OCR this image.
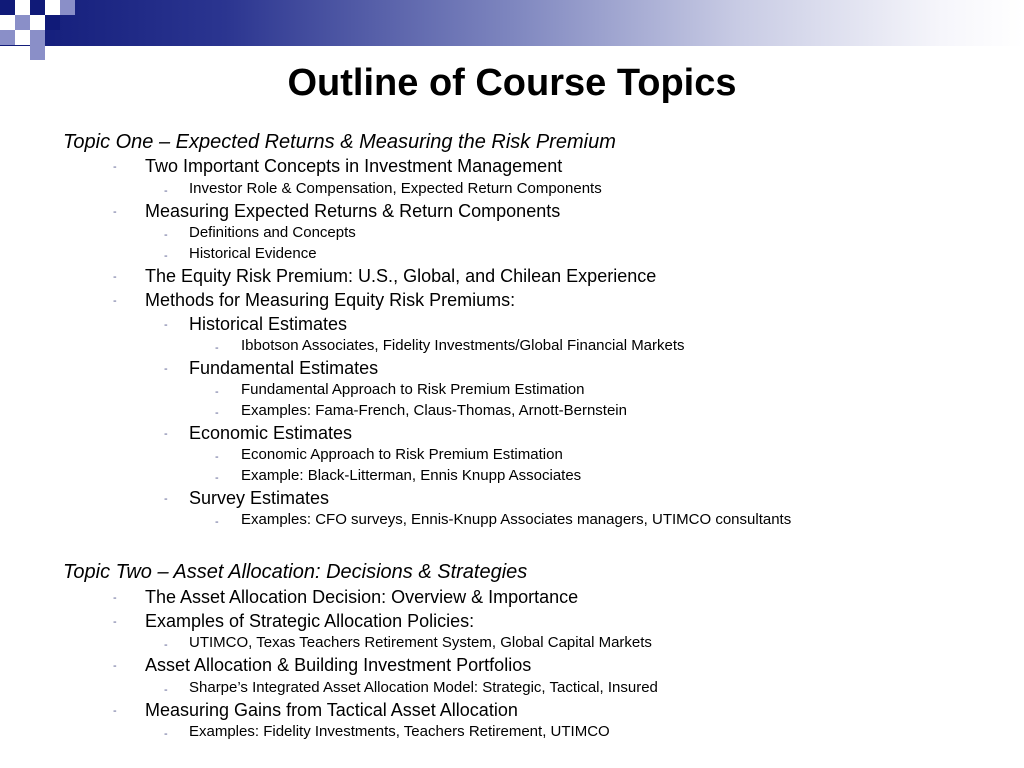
Outline of Course Topics
Topic One – Expected Returns & Measuring the Risk Premium
- Two Important Concepts in Investment Management
- Investor Role & Compensation, Expected Return Components
- Measuring Expected Returns & Return Components
- Definitions and Concepts
- Historical Evidence
- The Equity Risk Premium: U.S., Global, and Chilean Experience
- Methods for Measuring Equity Risk Premiums:
- Historical Estimates
- Ibbotson Associates, Fidelity Investments/Global Financial Markets
- Fundamental Estimates
- Fundamental Approach to Risk Premium Estimation
- Examples: Fama-French, Claus-Thomas, Arnott-Bernstein
- Economic Estimates
- Economic Approach to Risk Premium Estimation
- Example: Black-Litterman, Ennis Knupp Associates
- Survey Estimates
- Examples: CFO surveys, Ennis-Knupp Associates managers, UTIMCO consultants
Topic Two – Asset Allocation: Decisions & Strategies
- The Asset Allocation Decision: Overview & Importance
- Examples of Strategic Allocation Policies:
- UTIMCO, Texas Teachers Retirement System, Global Capital Markets
- Asset Allocation & Building Investment Portfolios
- Sharpe’s Integrated Asset Allocation Model: Strategic, Tactical, Insured
- Measuring Gains from Tactical Asset Allocation
- Examples: Fidelity Investments, Teachers Retirement, UTIMCO
